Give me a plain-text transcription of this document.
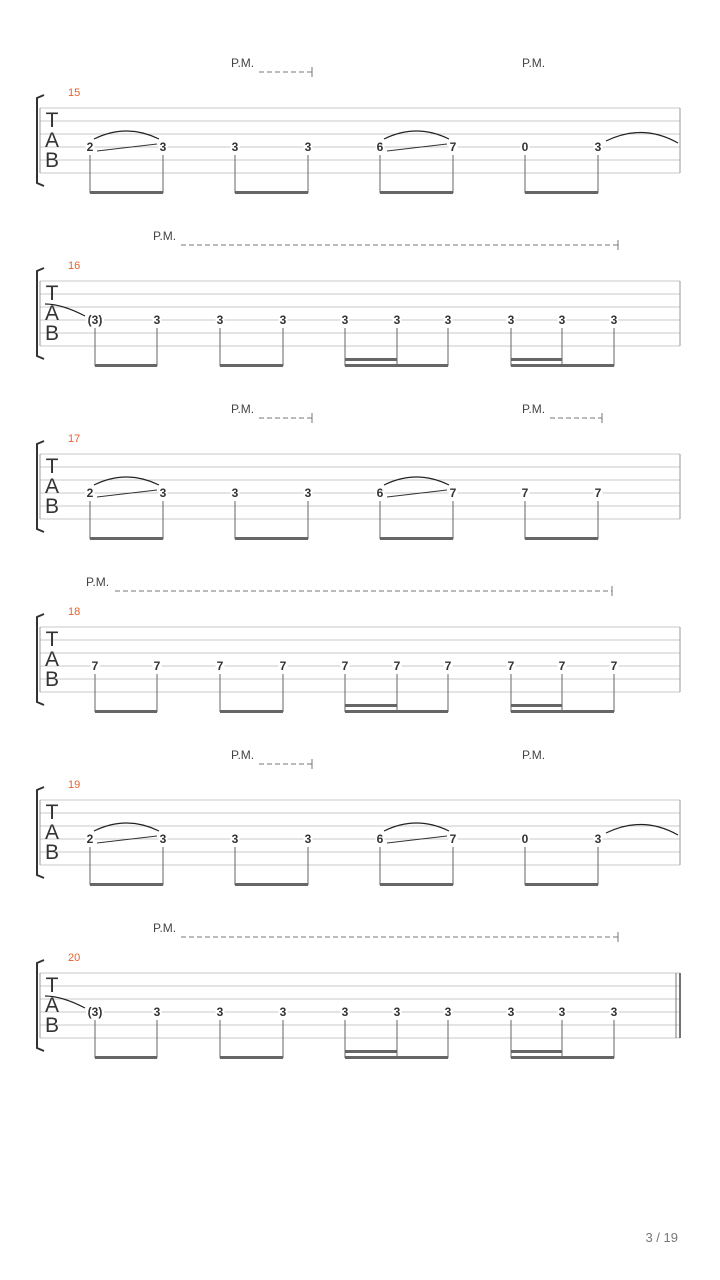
T
A
B
15
P.M.	P.M.
2	3	3	3	6	7	0	3
T
A
B
16
P.M.
(3)	3	3	3	3	3	3	3	3	3
T
A
B
17
P.M.	P.M.
2	3	3	3	6	7	7	7
T
A
B
18
P.M.
7	7	7	7	7	7	7	7	7	7
T
A
B
19
P.M.	P.M.
2	3	3	3	6	7	0	3
T
A
B
20
P.M.
(3)	3	3	3	3	3	3	3	3	3
3 / 19
